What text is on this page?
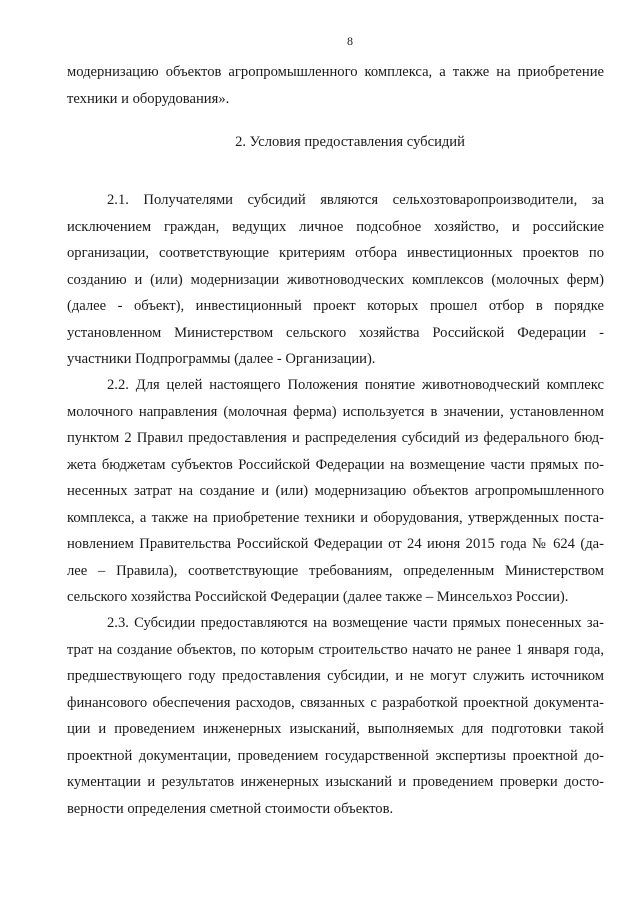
8
модернизацию объектов агропромышленного комплекса, а также на приобретение
техники и оборудования».
2. Условия предоставления субсидий
2.1. Получателями субсидий являются сельхозтоваропроизводители, за
исключением граждан, ведущих личное подсобное хозяйство, и российские
организации, соответствующие критериям отбора инвестиционных проектов по
созданию и (или) модернизации животноводческих комплексов (молочных ферм)
(далее - объект), инвестиционный проект которых прошел отбор в порядке
установленном Министерством сельского хозяйства Российской Федерации -
участники Подпрограммы (далее - Организации).
2.2. Для целей настоящего Положения понятие животноводческий комплекс
молочного направления (молочная ферма) используется в значении, установленном
пунктом 2 Правил предоставления и распределения субсидий из федерального бюд-
жета бюджетам субъектов Российской Федерации на возмещение части прямых по-
несенных затрат на создание и (или) модернизацию объектов агропромышленного
комплекса, а также на приобретение техники и оборудования, утвержденных поста-
новлением Правительства Российской Федерации от 24 июня 2015 года № 624 (да-
лее – Правила), соответствующие требованиям, определенным Министерством
сельского хозяйства Российской Федерации (далее также – Минсельхоз России).
2.3. Субсидии предоставляются на возмещение части прямых понесенных за-
трат на создание объектов, по которым строительство начато не ранее 1 января года,
предшествующего году предоставления субсидии, и не могут служить источником
финансового обеспечения расходов, связанных с разработкой проектной документа-
ции и проведением инженерных изысканий, выполняемых для подготовки такой
проектной документации, проведением государственной экспертизы проектной до-
кументации и результатов инженерных изысканий и проведением проверки досто-
верности определения сметной стоимости объектов.
